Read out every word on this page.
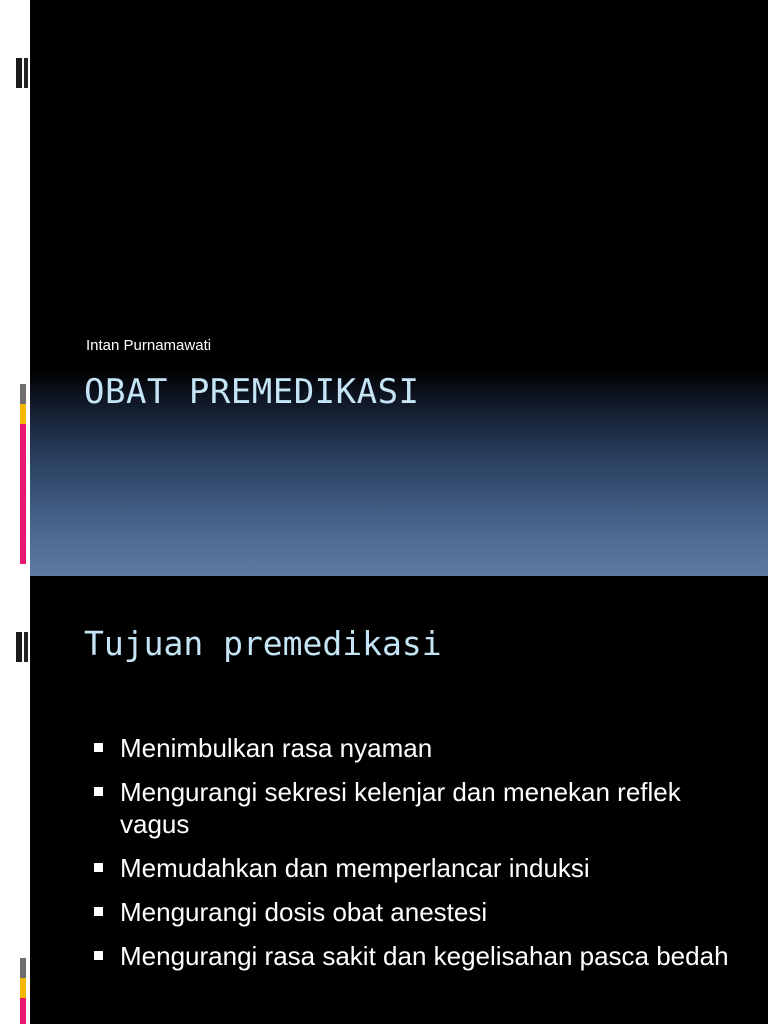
Intan Purnamawati
OBAT PREMEDIKASI
Tujuan premedikasi
Menimbulkan rasa nyaman
Mengurangi sekresi kelenjar dan menekan reflek vagus
Memudahkan dan memperlancar induksi
Mengurangi dosis obat anestesi
Mengurangi rasa sakit dan kegelisahan pasca bedah
